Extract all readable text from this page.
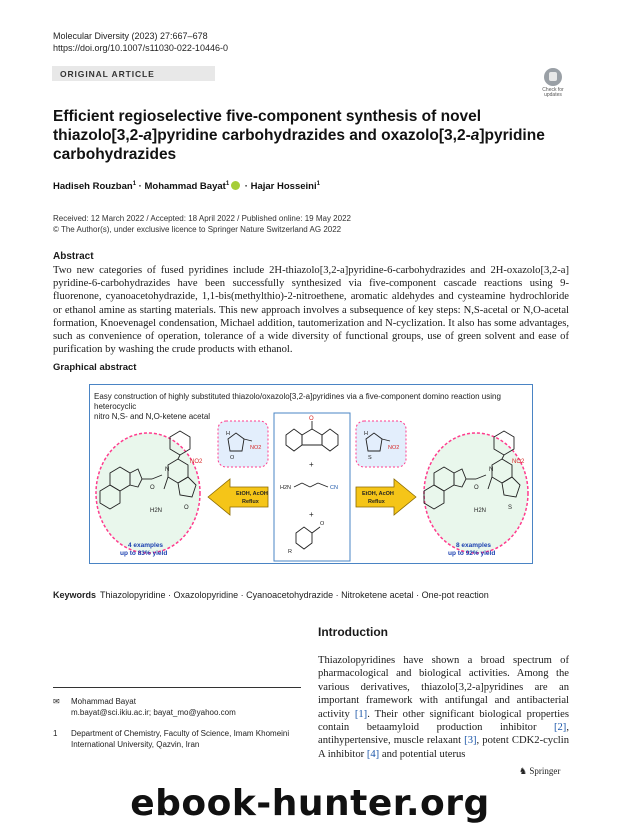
Molecular Diversity (2023) 27:667–678
https://doi.org/10.1007/s11030-022-10446-0
ORIGINAL ARTICLE
Check for
updates
Efficient regioselective five-component synthesis of novel thiazolo[3,2-a]pyridine carbohydrazides and oxazolo[3,2-a]pyridine carbohydrazides
Hadiseh Rouzban$^1$ · Mohammad Bayat$^1$ · Hajar Hosseini$^1$
Received: 12 March 2022 / Accepted: 18 April 2022 / Published online: 19 May 2022
© The Author(s), under exclusive licence to Springer Nature Switzerland AG 2022
Abstract
Two new categories of fused pyridines include 2H-thiazolo[3,2-a]pyridine-6-carbohydrazides and 2H-oxazolo[3,2-a] pyridine-6-carbohydrazides have been successfully synthesized via five-component cascade reactions using 9-fluorenone, cyanoacetohydrazide, 1,1-bis(methylthio)-2-nitroethene, aromatic aldehydes and cysteamine hydrochloride or ethanol amine as starting materials. This new approach involves a subsequence of key steps: N,S-acetal or N,O-acetal formation, Knoevenagel condensation, Michael addition, tautomerization and N-cyclization. It also has some advantages, such as convenience of operation, tolerance of a wide diversity of functional groups, use of green solvent and ease of purification by washing the crude products with ethanol.
Graphical abstract
N
O
H2N
NO2
O
4 examples
up to 83% yield
H
O
NO2
EtOH, AcOH
Reflux
O
+
H2N	CN
+
O
R
H
S
NO2
EtOH, AcOH
Reflux
N
O
H2N
NO2
S
8 examples
up to 92% yield
Easy construction of highly substituted thiazolo/oxazolo[3,2-a]pyridines via a five-component domino reaction using heterocyclic
nitro N,S- and N,O-ketene acetal
Keywords Thiazolopyridine · Oxazolopyridine · Cyanoacetohydrazide · Nitroketene acetal · One-pot reaction
Introduction
Thiazolopyridines have shown a broad spectrum of pharmacological and biological activities. Among the various derivatives, thiazolo[3,2-a]pyridines are an important framework with antifungal and antibacterial activity [1]. Their other significant biological properties contain betaamyloid production inhibitor [2], antihypertensive, muscle relaxant [3], potent CDK2-cyclin A inhibitor [4] and potential uterus
✉ Mohammad Bayat
m.bayat@sci.ikiu.ac.ir; bayat_mo@yahoo.com
1 Department of Chemistry, Faculty of Science, Imam Khomeini International University, Qazvin, Iran
♞ Springer
ebook-hunter.org
